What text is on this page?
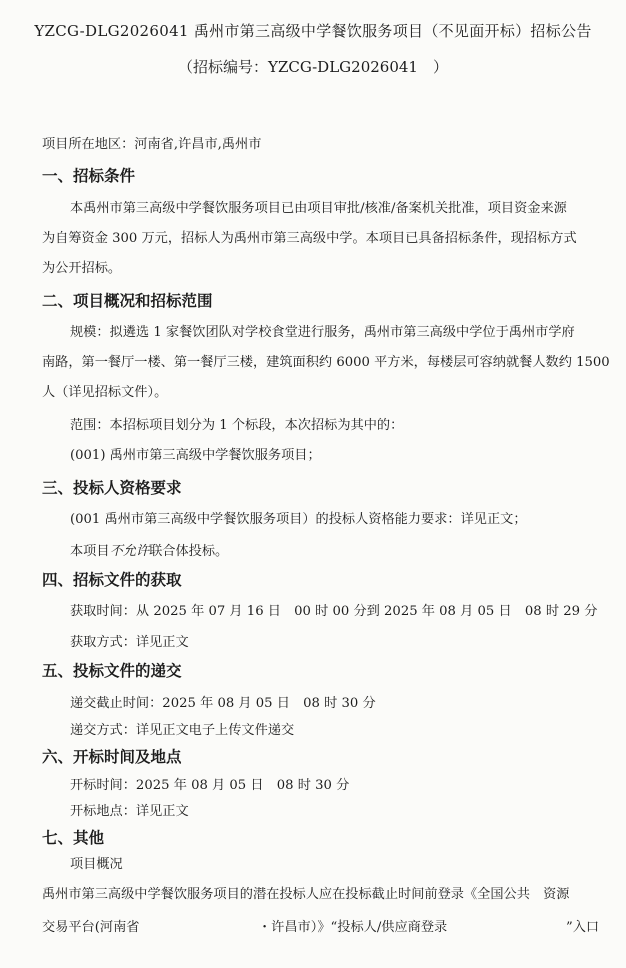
YZCG-DLG2026041 禹州市第三高级中学餐饮服务项目（不见面开标）招标公告
（招标编号：YZCG-DLG2026041　）
项目所在地区：河南省,许昌市,禹州市
一、招标条件
本禹州市第三高级中学餐饮服务项目已由项目审批/核准/备案机关批准，项目资金来源
为自筹资金 300 万元，招标人为禹州市第三高级中学。本项目已具备招标条件，现招标方式
为公开招标。
二、项目概况和招标范围
规模：拟遴选 1 家餐饮团队对学校食堂进行服务，禹州市第三高级中学位于禹州市学府
南路，第一餐厅一楼、第一餐厅三楼，建筑面积约 6000 平方米，每楼层可容纳就餐人数约 1500
人（详见招标文件）。
范围：本招标项目划分为 1 个标段，本次招标为其中的：
(001) 禹州市第三高级中学餐饮服务项目；
三、投标人资格要求
(001 禹州市第三高级中学餐饮服务项目）的投标人资格能力要求：详见正文；
本项目不允许联合体投标。
四、招标文件的获取
获取时间：从 2025 年 07 月 16 日　00 时 00 分到 2025 年 08 月 05 日　08 时 29 分
获取方式：详见正文
五、投标文件的递交
递交截止时间：2025 年 08 月 05 日　08 时 30 分
递交方式：详见正文电子上传文件递交
六、开标时间及地点
开标时间：2025 年 08 月 05 日　08 时 30 分
开标地点：详见正文
七、其他
项目概况
禹州市第三高级中学餐饮服务项目的潜在投标人应在投标截止时间前登录《全国公共　资源
交易平台(河南省	・许昌市）》“投标人/供应商登录	”入口
